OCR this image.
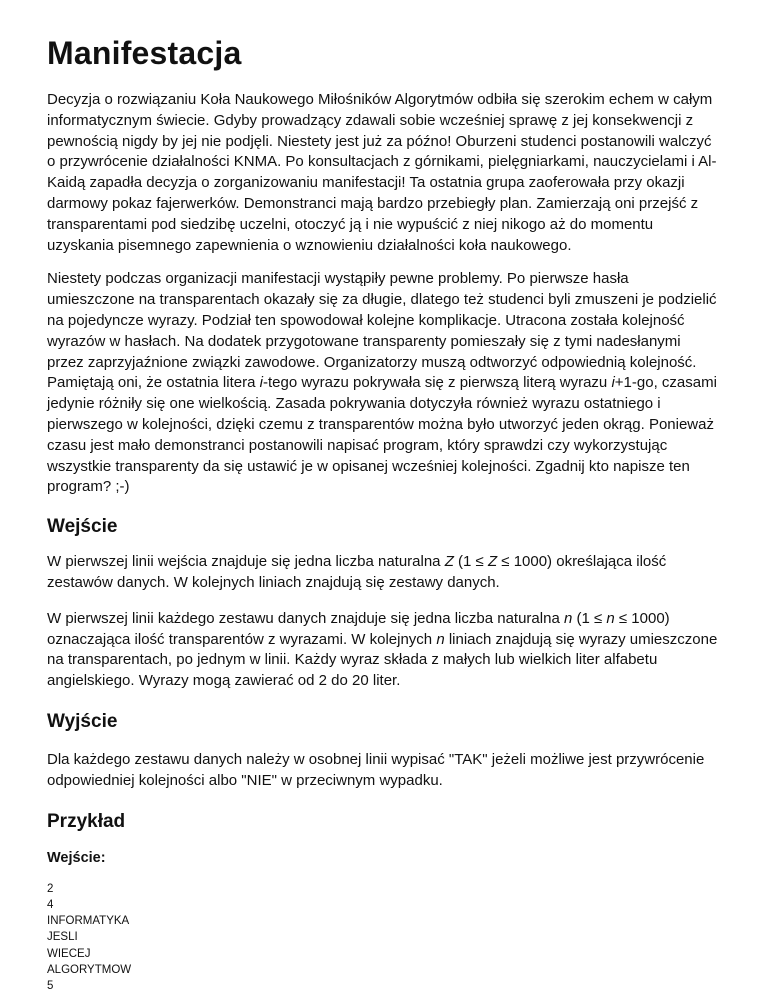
Manifestacja

Decyzja o rozwiązaniu Koła Naukowego Miłośników Algorytmów odbiła się szerokim echem w całym informatycznym świecie. Gdyby prowadzący zdawali sobie wcześniej sprawę z jej konsekwencji z pewnością nigdy by jej nie podjęli. Niestety jest już za późno! Oburzeni studenci postanowili walczyć o przywrócenie działalności KNMA. Po konsultacjach z górnikami, pielęgniarkami, nauczycielami i Al-Kaidą zapadła decyzja o zorganizowaniu manifestacji! Ta ostatnia grupa zaoferowała przy okazji darmowy pokaz fajerwerków. Demonstranci mają bardzo przebiegły plan. Zamierzają oni przejść z transparentami pod siedzibę uczelni, otoczyć ją i nie wypuścić z niej nikogo aż do momentu uzyskania pisemnego zapewnienia o wznowieniu działalności koła naukowego.

Niestety podczas organizacji manifestacji wystąpiły pewne problemy. Po pierwsze hasła umieszczone na transparentach okazały się za długie, dlatego też studenci byli zmuszeni je podzielić na pojedyncze wyrazy. Podział ten spowodował kolejne komplikacje. Utracona została kolejność wyrazów w hasłach. Na dodatek przygotowane transparenty pomieszały się z tymi nadesłanymi przez zaprzyjaźnione związki zawodowe. Organizatorzy muszą odtworzyć odpowiednią kolejność. Pamiętają oni, że ostatnia litera i-tego wyrazu pokrywała się z pierwszą literą wyrazu i+1-go, czasami jedynie różniły się one wielkością. Zasada pokrywania dotyczyła również wyrazu ostatniego i pierwszego w kolejności, dzięki czemu z transparentów można było utworzyć jeden okrąg. Ponieważ czasu jest mało demonstranci postanowili napisać program, który sprawdzi czy wykorzystując wszystkie transparenty da się ustawić je w opisanej wcześniej kolejności. Zgadnij kto napisze ten program? ;-)

Wejście

W pierwszej linii wejścia znajduje się jedna liczba naturalna Z (1 ≤ Z ≤ 1000) określająca ilość zestawów danych. W kolejnych liniach znajdują się zestawy danych.

W pierwszej linii każdego zestawu danych znajduje się jedna liczba naturalna n (1 ≤ n ≤ 1000) oznaczająca ilość transparentów z wyrazami. W kolejnych n liniach znajdują się wyrazy umieszczone na transparentach, po jednym w linii. Każdy wyraz składa z małych lub wielkich liter alfabetu angielskiego. Wyrazy mogą zawierać od 2 do 20 liter.

Wyjście

Dla każdego zestawu danych należy w osobnej linii wypisać "TAK" jeżeli możliwe jest przywrócenie odpowiedniej kolejności albo "NIE" w przeciwnym wypadku.

Przykład
Wejście:
2
4
INFORMATYKA
JESLI
WIECEJ
ALGORYTMOW
5
